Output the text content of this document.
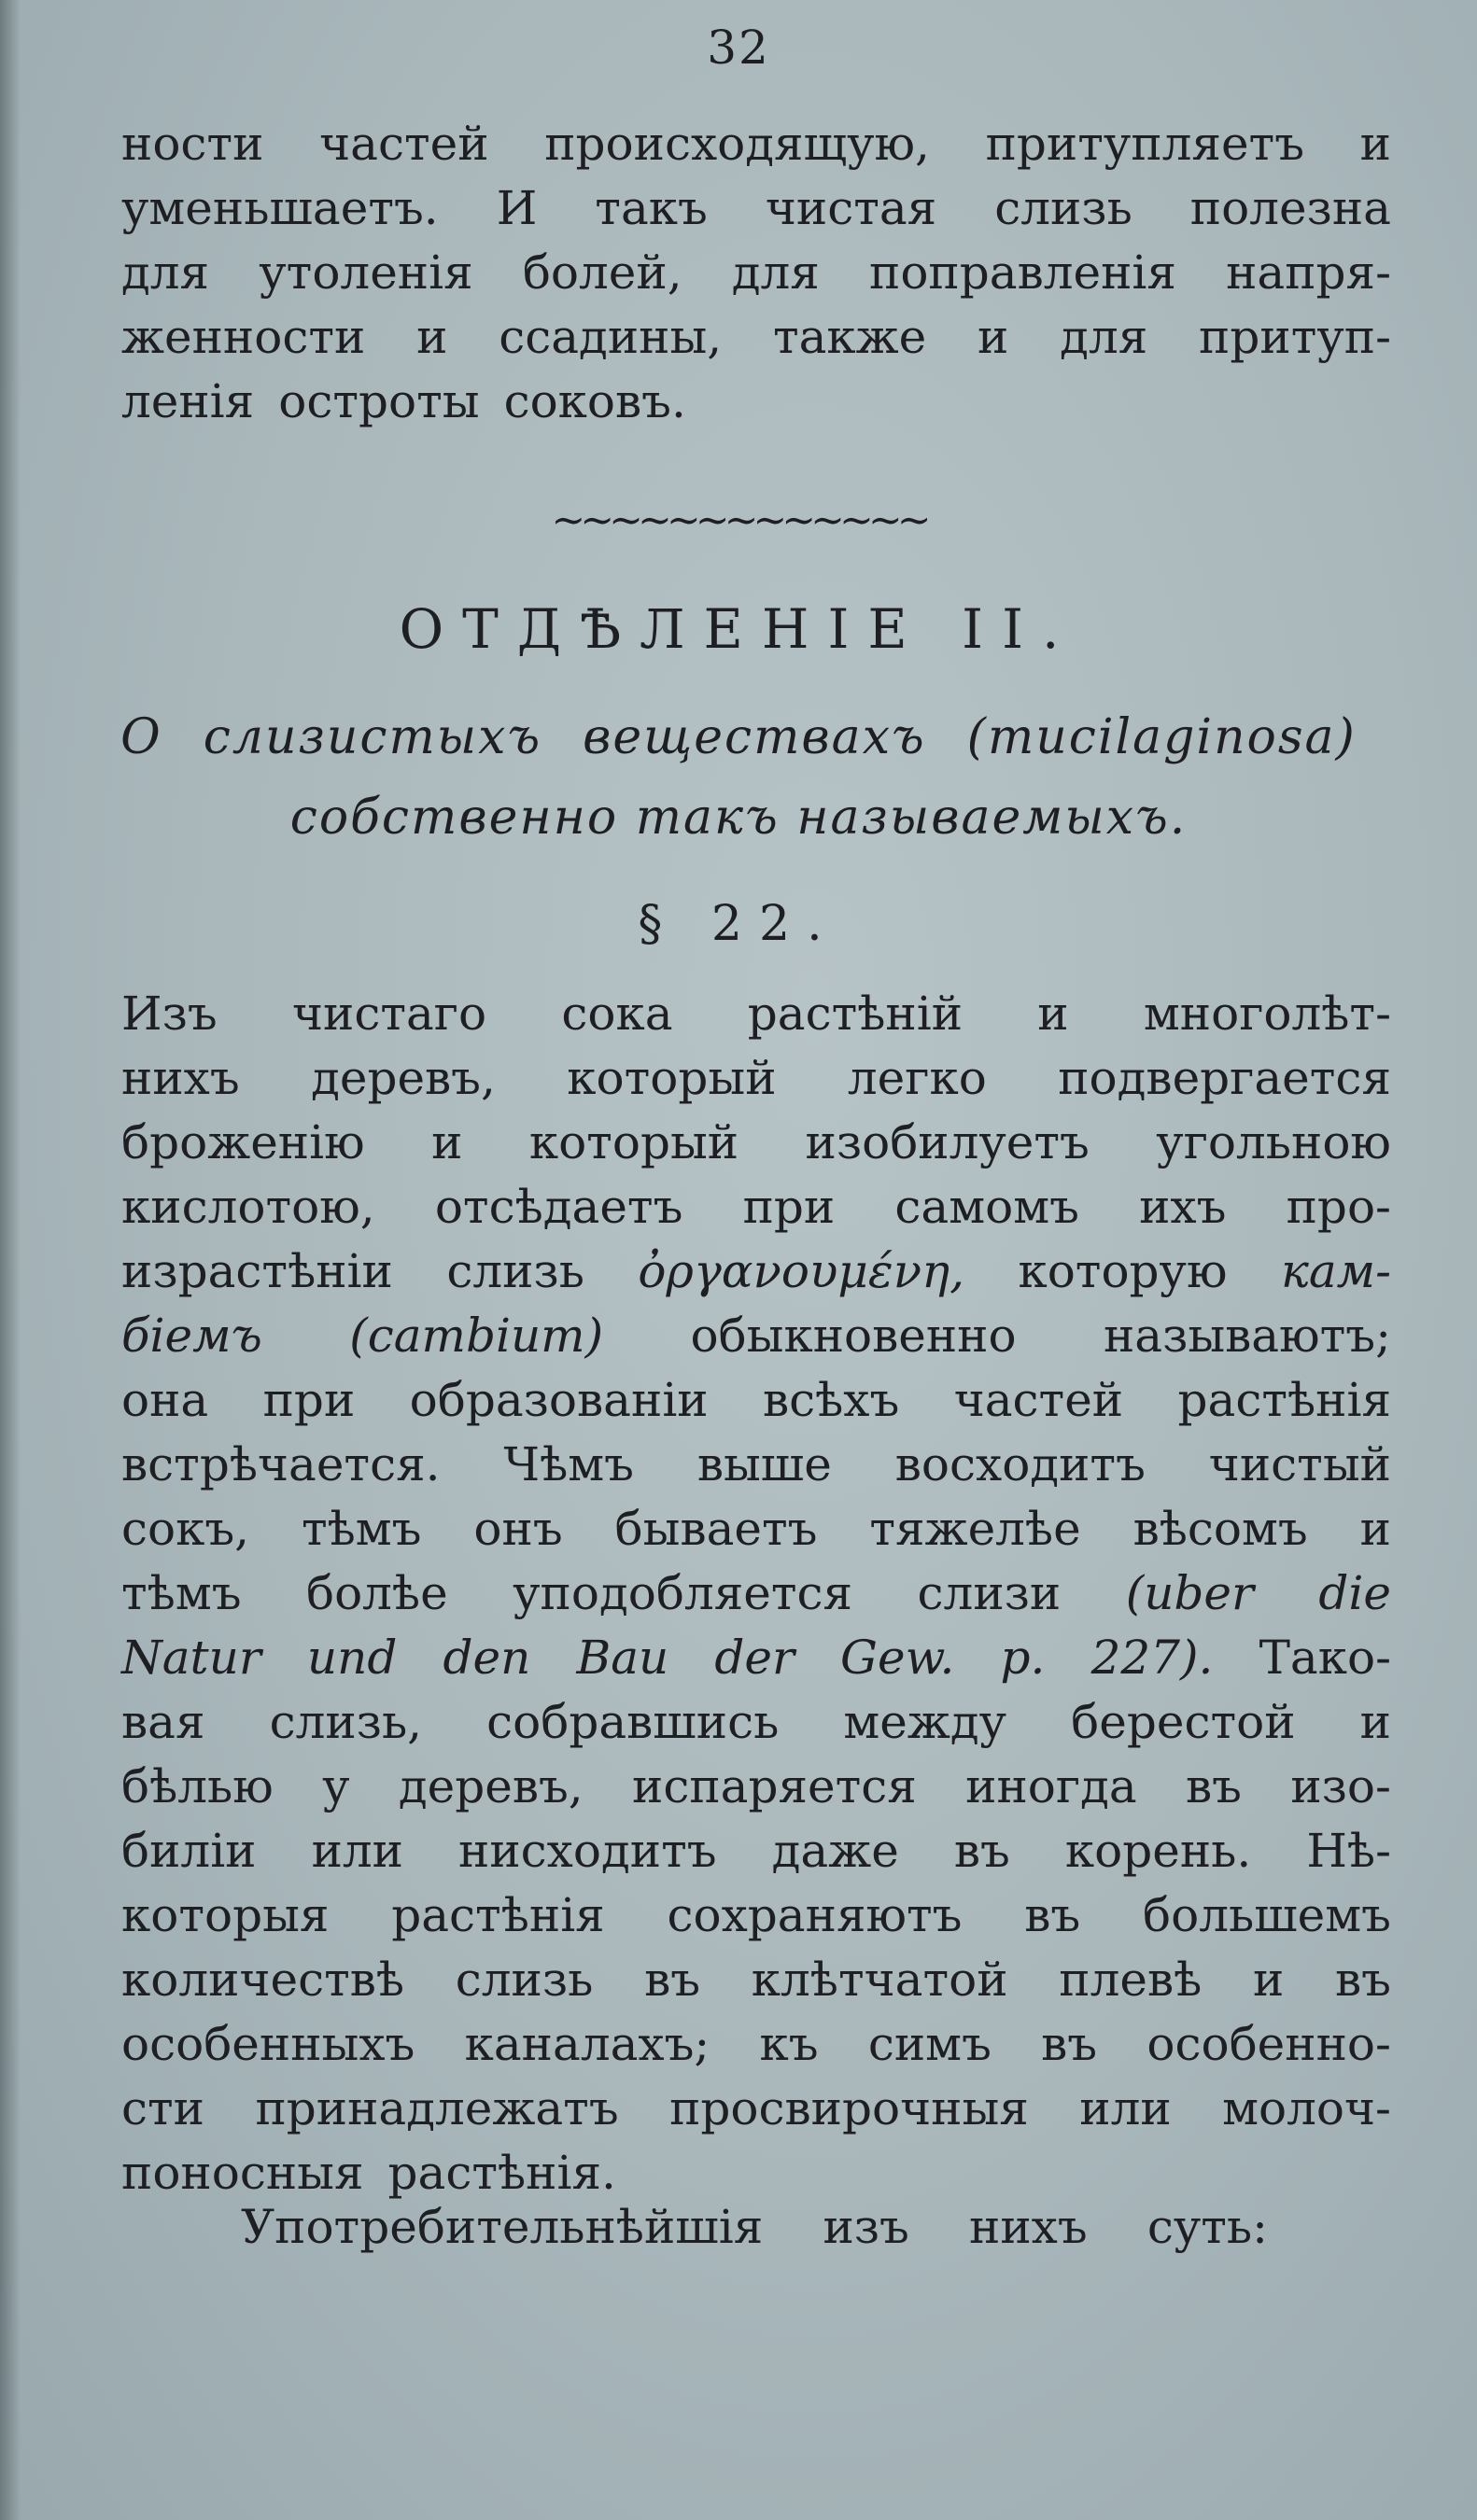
32
ности частей происходящую, притупляетъ и
уменьшаетъ. И такъ чистая слизь полезна
для утоленія болей, для поправленія напря-
женности и ссадины, также и для притуп-
ленія остроты соковъ.
~~~~~~~~~~~~~
ОТДѢЛЕНІЕ II.
О слизистыхъ веществахъ (mucilaginosa)
собственно такъ называемыхъ.
§ 22.
Изъ чистаго сока растѣній и многолѣт-
нихъ деревъ, который легко подвергается
броженію и который изобилуетъ угольною
кислотою, отсѣдаетъ при самомъ ихъ про-
израстѣніи слизь ὀργανουμένη, которую кам-
біемъ (cambium) обыкновенно называютъ;
она при образованіи всѣхъ частей растѣнія
встрѣчается. Чѣмъ выше восходитъ чистый
сокъ, тѣмъ онъ бываетъ тяжелѣе вѣсомъ и
тѣмъ болѣе уподобляется слизи (uber die
Natur und den Bau der Gew. p. 227). Тако-
вая слизь, собравшись между берестой и
бѣлью у деревъ, испаряется иногда въ изо-
биліи или нисходитъ даже въ корень. Нѣ-
которыя растѣнія сохраняютъ въ большемъ
количествѣ слизь въ клѣтчатой плевѣ и въ
особенныхъ каналахъ; къ симъ въ особенно-
сти принадлежатъ просвирочныя или молоч-
поносныя растѣнія.
Употребительнѣйшія изъ нихъ суть:
